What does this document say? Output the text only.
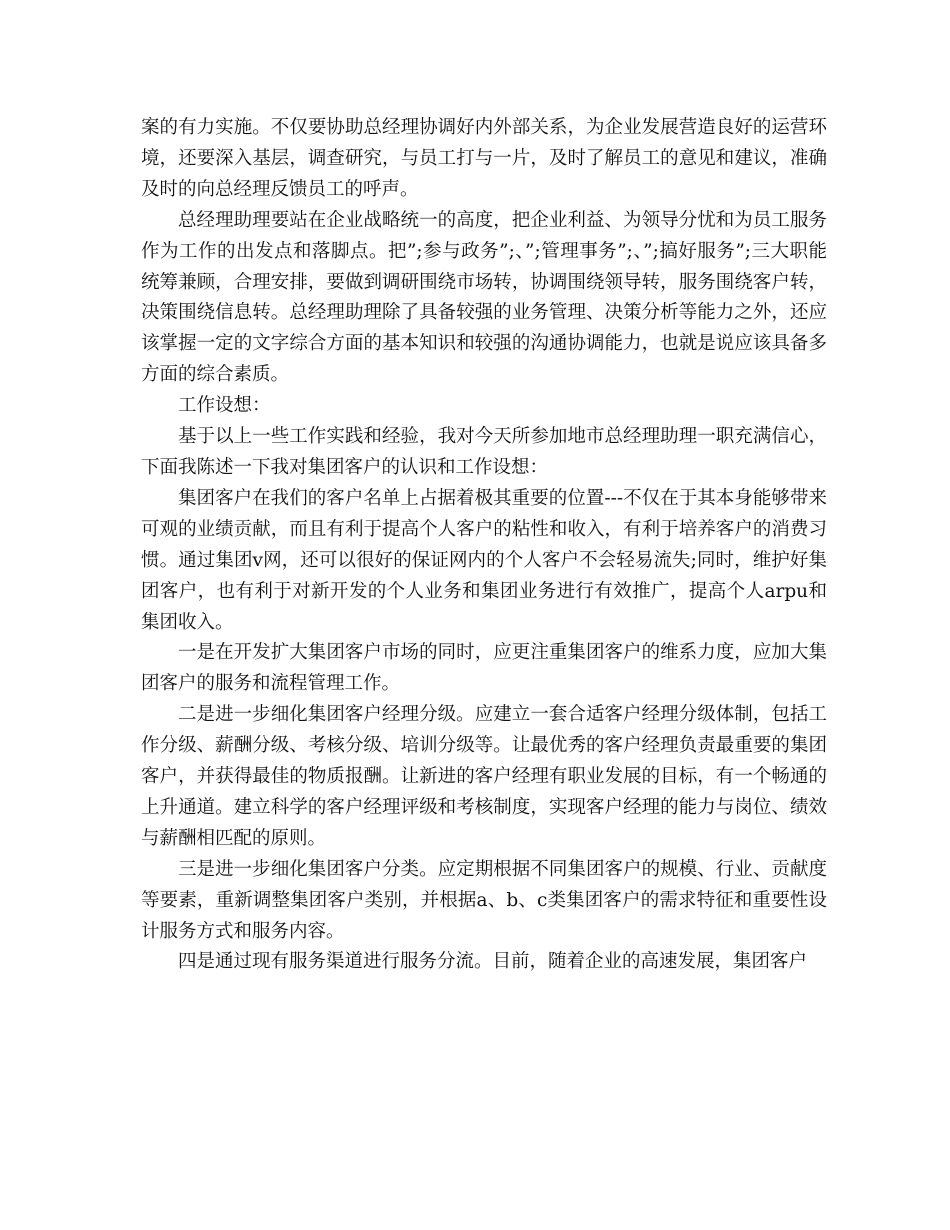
案的有力实施。不仅要协助总经理协调好内外部关系，为企业发展营造良好的运营环境，还要深入基层，调查研究，与员工打与一片，及时了解员工的意见和建议，准确及时的向总经理反馈员工的呼声。

总经理助理要站在企业战略统一的高度，把企业利益、为领导分忧和为员工服务作为工作的出发点和落脚点。把”;参与政务”;、”;管理事务”;、”;搞好服务”;三大职能统筹兼顾，合理安排，要做到调研围绕市场转，协调围绕领导转，服务围绕客户转，决策围绕信息转。总经理助理除了具备较强的业务管理、决策分析等能力之外，还应该掌握一定的文字综合方面的基本知识和较强的沟通协调能力，也就是说应该具备多方面的综合素质。

工作设想：

基于以上一些工作实践和经验，我对今天所参加地市总经理助理一职充满信心，下面我陈述一下我对集团客户的认识和工作设想：

集团客户在我们的客户名单上占据着极其重要的位置---不仅在于其本身能够带来可观的业绩贡献，而且有利于提高个人客户的粘性和收入，有利于培养客户的消费习惯。通过集团v网，还可以很好的保证网内的个人客户不会轻易流失;同时，维护好集团客户，也有利于对新开发的个人业务和集团业务进行有效推广，提高个人arpu和集团收入。

一是在开发扩大集团客户市场的同时，应更注重集团客户的维系力度，应加大集团客户的服务和流程管理工作。

二是进一步细化集团客户经理分级。应建立一套合适客户经理分级体制，包括工作分级、薪酬分级、考核分级、培训分级等。让最优秀的客户经理负责最重要的集团客户，并获得最佳的物质报酬。让新进的客户经理有职业发展的目标，有一个畅通的上升通道。建立科学的客户经理评级和考核制度，实现客户经理的能力与岗位、绩效与薪酬相匹配的原则。

三是进一步细化集团客户分类。应定期根据不同集团客户的规模、行业、贡献度等要素，重新调整集团客户类别，并根据a、b、c类集团客户的需求特征和重要性设计服务方式和服务内容。

四是通过现有服务渠道进行服务分流。目前，随着企业的高速发展，集团客户
